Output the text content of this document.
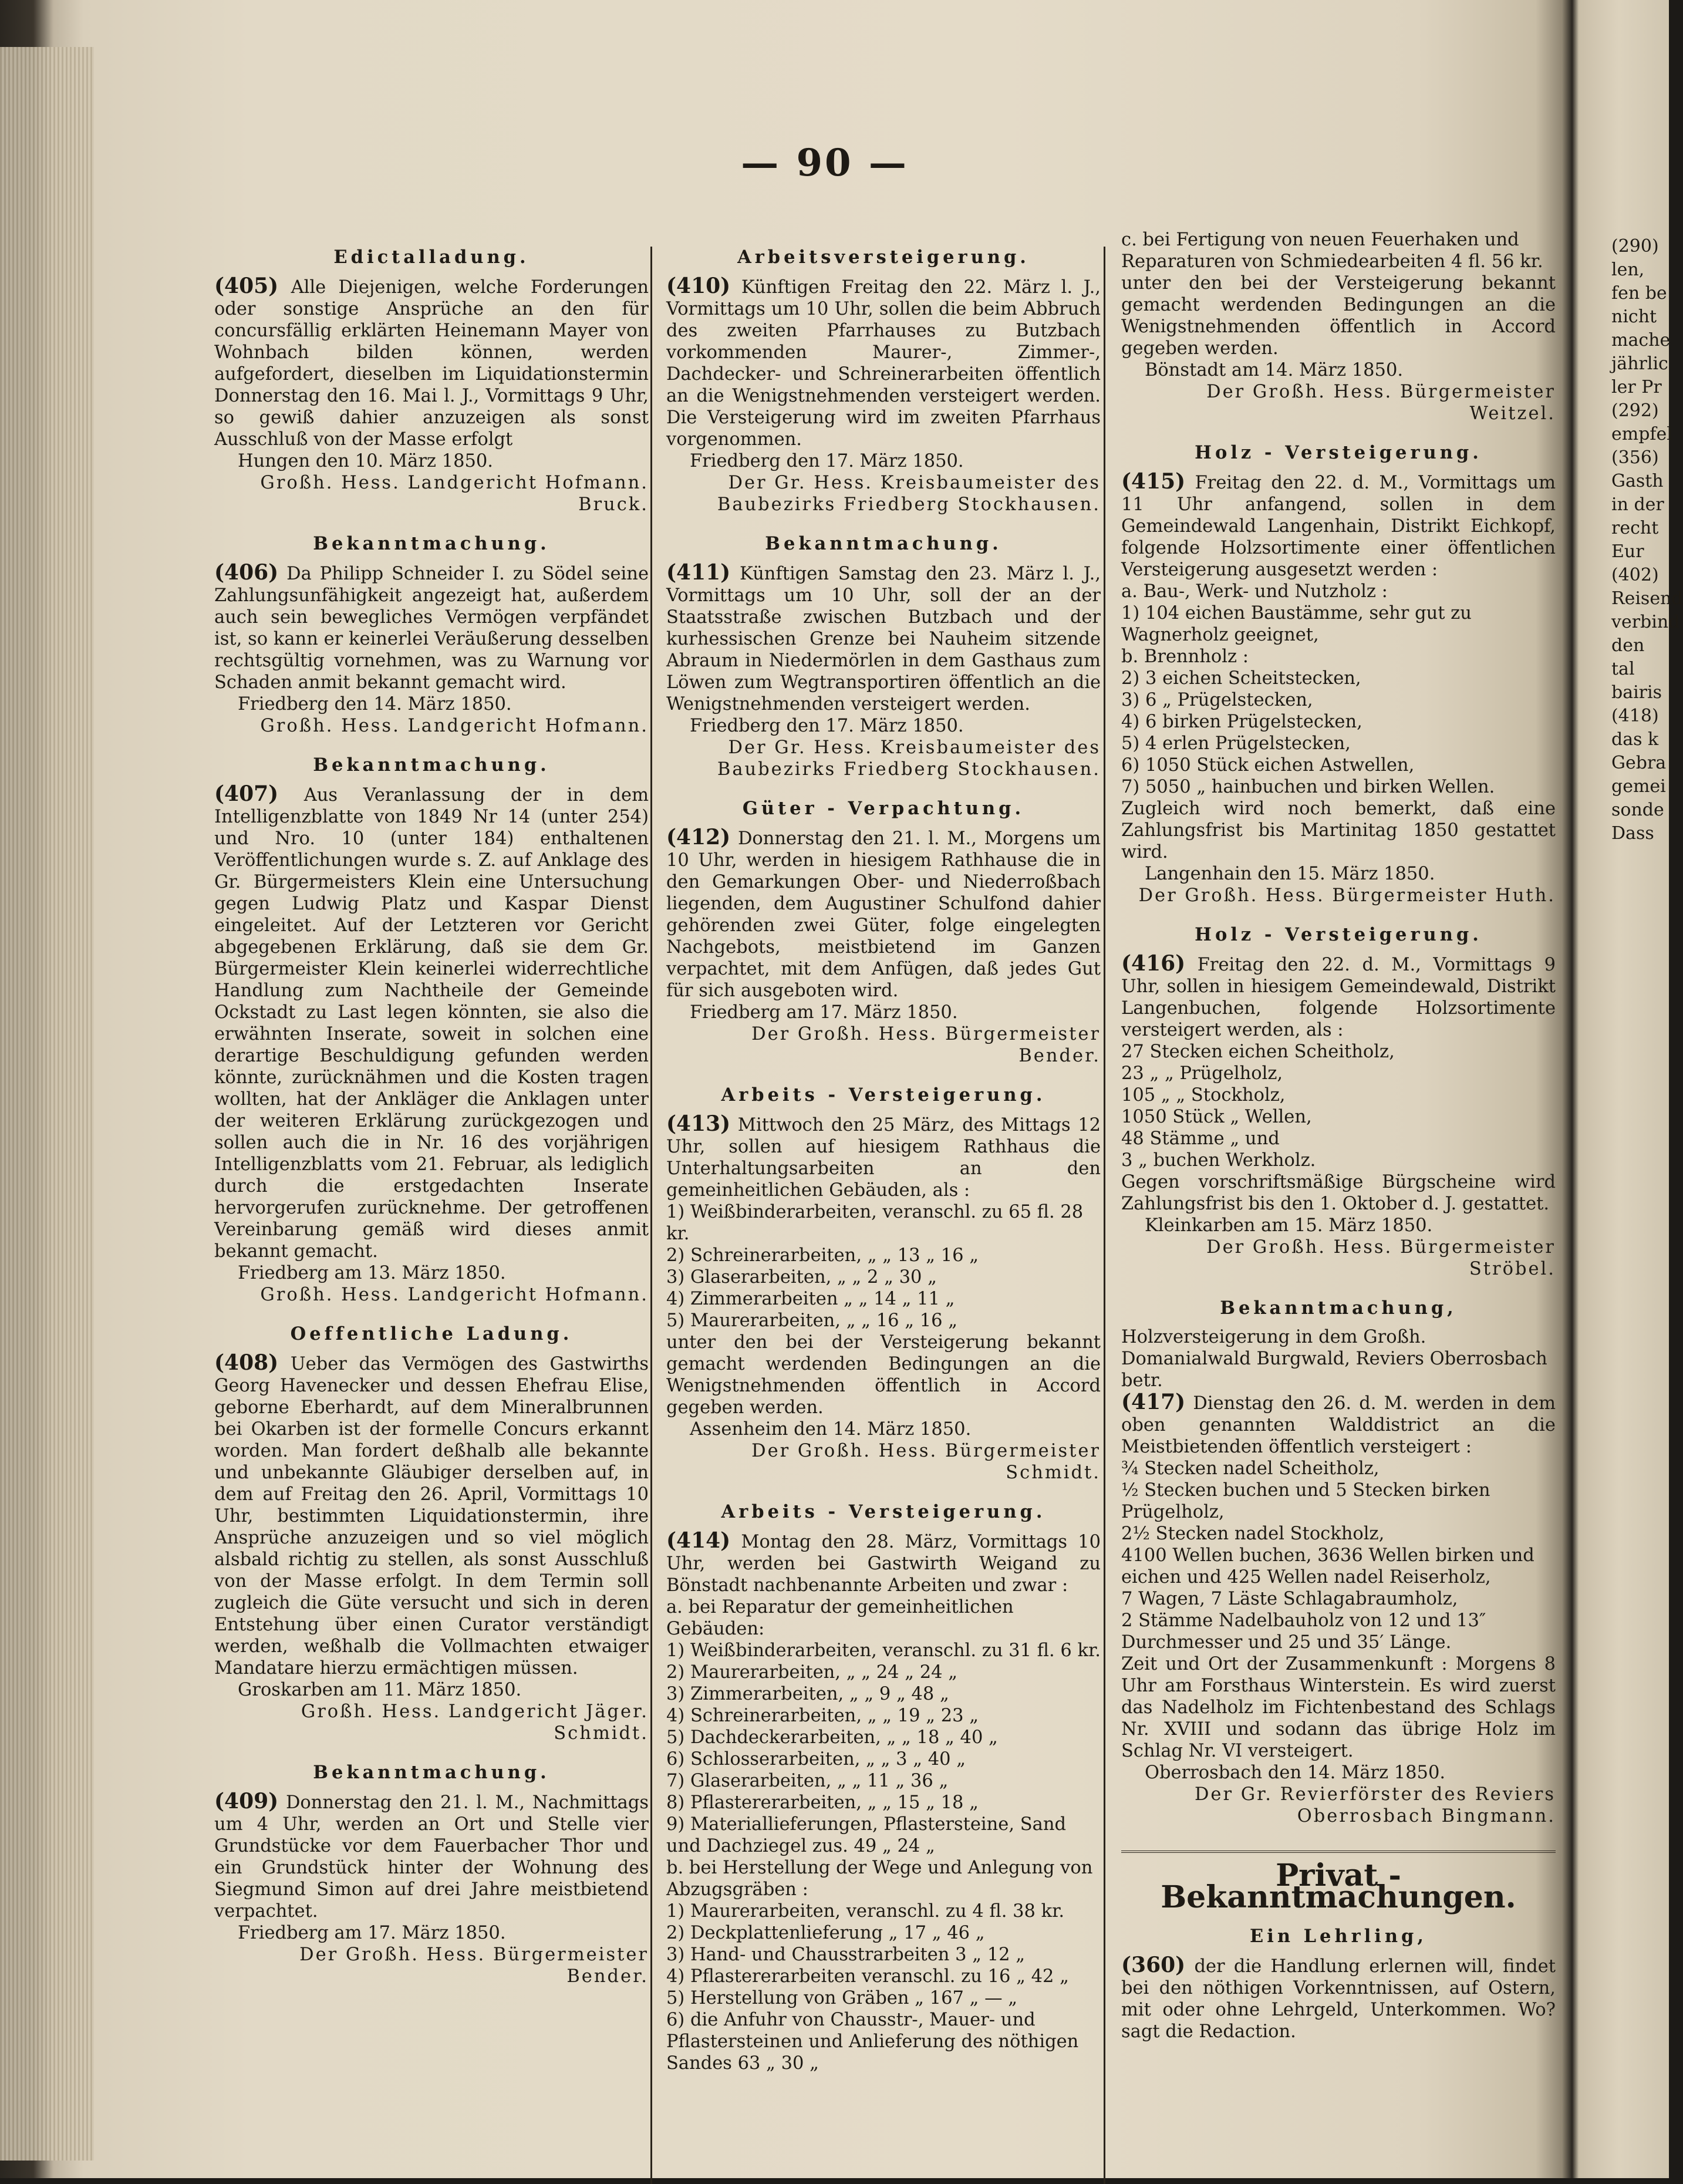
— 90 —
Edictalladung.

(405) Alle Diejenigen, welche Forderungen oder sonstige Ansprüche an den für concursfällig erklärten Heinemann Mayer von Wohnbach bilden können, werden aufgefordert, dieselben im Liquidationstermin Donnerstag den 16. Mai l. J., Vormittags 9 Uhr, so gewiß dahier anzuzeigen als sonst Ausschluß von der Masse erfolgt

Hungen den 10. März 1850.
Großh. Hess. Landgericht Hofmann. Bruck.
Bekanntmachung.

(406) Da Philipp Schneider I. zu Södel seine Zahlungsunfähigkeit angezeigt hat, außerdem auch sein bewegliches Vermögen verpfändet ist, so kann er keinerlei Veräußerung desselben rechtsgültig vornehmen, was zu Warnung vor Schaden anmit bekannt gemacht wird.

Friedberg den 14. März 1850.
Großh. Hess. Landgericht Hofmann.
Bekanntmachung.

(407) Aus Veranlassung der in dem Intelligenzblatte von 1849 Nr 14 (unter 254) und Nro. 10 (unter 184) enthaltenen Veröffentlichungen wurde s. Z. auf Anklage des Gr. Bürgermeisters Klein eine Untersuchung gegen Ludwig Platz und Kaspar Dienst eingeleitet. Auf der Letzteren vor Gericht abgegebenen Erklärung, daß sie dem Gr. Bürgermeister Klein keinerlei widerrechtliche Handlung zum Nachtheile der Gemeinde Ockstadt zu Last legen könnten, sie also die erwähnten Inserate, soweit in solchen eine derartige Beschuldigung gefunden werden könnte, zurücknähmen und die Kosten tragen wollten, hat der Ankläger die Anklagen unter der weiteren Erklärung zurückgezogen und sollen auch die in Nr. 16 des vorjährigen Intelligenzblatts vom 21. Februar, als lediglich durch die erstgedachten Inserate hervorgerufen zurücknehme. Der getroffenen Vereinbarung gemäß wird dieses anmit bekannt gemacht.

Friedberg am 13. März 1850.
Großh. Hess. Landgericht Hofmann.
Oeffentliche Ladung.

(408) Ueber das Vermögen des Gastwirths Georg Havenecker und dessen Ehefrau Elise, geborne Eberhardt, auf dem Mineralbrunnen bei Okarben ist der formelle Concurs erkannt worden. Man fordert deßhalb alle bekannte und unbekannte Gläubiger derselben auf, in dem auf Freitag den 26. April, Vormittags 10 Uhr, bestimmten Liquidationstermin, ihre Ansprüche anzuzeigen und so viel möglich alsbald richtig zu stellen, als sonst Ausschluß von der Masse erfolgt. In dem Termin soll zugleich die Güte versucht und sich in deren Entstehung über einen Curator verständigt werden, weßhalb die Vollmachten etwaiger Mandatare hierzu ermächtigen müssen.

Groskarben am 11. März 1850.
Großh. Hess. Landgericht Jäger. Schmidt.
Bekanntmachung.

(409) Donnerstag den 21. l. M., Nachmittags um 4 Uhr, werden an Ort und Stelle vier Grundstücke vor dem Fauerbacher Thor und ein Grundstück hinter der Wohnung des Siegmund Simon auf drei Jahre meistbietend verpachtet.

Friedberg am 17. März 1850.
Der Großh. Hess. Bürgermeister Bender.
Arbeitsversteigerung.

(410) Künftigen Freitag den 22. März l. J., Vormittags um 10 Uhr, sollen die beim Abbruch des zweiten Pfarrhauses zu Butzbach vorkommenden Maurer-, Zimmer-, Dachdecker- und Schreinerarbeiten öffentlich an die Wenigstnehmenden versteigert werden. Die Versteigerung wird im zweiten Pfarrhaus vorgenommen.

Friedberg den 17. März 1850.
Der Gr. Hess. Kreisbaumeister des Baubezirks Friedberg Stockhausen.
Bekanntmachung.

(411) Künftigen Samstag den 23. März l. J., Vormittags um 10 Uhr, soll der an der Staatsstraße zwischen Butzbach und der kurhessischen Grenze bei Nauheim sitzende Abraum in Niedermörlen in dem Gasthaus zum Löwen zum Wegtransportiren öffentlich an die Wenigstnehmenden versteigert werden.

Friedberg den 17. März 1850.
Der Gr. Hess. Kreisbaumeister des Baubezirks Friedberg Stockhausen.
Güter - Verpachtung.

(412) Donnerstag den 21. l. M., Morgens um 10 Uhr, werden in hiesigem Rathhause die in den Gemarkungen Ober- und Niederroßbach liegenden, dem Augustiner Schulfond dahier gehörenden zwei Güter, folge eingelegten Nachgebots, meistbietend im Ganzen verpachtet, mit dem Anfügen, daß jedes Gut für sich ausgeboten wird.

Friedberg am 17. März 1850.
Der Großh. Hess. Bürgermeister Bender.
Arbeits - Versteigerung.

(413) Mittwoch den 25 März, des Mittags 12 Uhr, sollen auf hiesigem Rathhaus die Unterhaltungsarbeiten an den gemeinheitlichen Gebäuden, als :

1) Weißbinderarbeiten, veranschl. zu 65 fl. 28 kr.
2) Schreinerarbeiten, „ „ 13 „ 16 „
3) Glaserarbeiten, „ „ 2 „ 30 „
4) Zimmerarbeiten „ „ 14 „ 11 „
5) Maurerarbeiten, „ „ 16 „ 16 „

unter den bei der Versteigerung bekannt gemacht werdenden Bedingungen an die Wenigstnehmenden öffentlich in Accord gegeben werden.

Assenheim den 14. März 1850.
Der Großh. Hess. Bürgermeister Schmidt.
Arbeits - Versteigerung.

(414) Montag den 28. März, Vormittags 10 Uhr, werden bei Gastwirth Weigand zu Bönstadt nachbenannte Arbeiten und zwar :

a. bei Reparatur der gemeinheitlichen Gebäuden:
1) Weißbinderarbeiten, veranschl. zu 31 fl. 6 kr.
2) Maurerarbeiten, „ „ 24 „ 24 „
3) Zimmerarbeiten, „ „ 9 „ 48 „
4) Schreinerarbeiten, „ „ 19 „ 23 „
5) Dachdeckerarbeiten, „ „ 18 „ 40 „
6) Schlosserarbeiten, „ „ 3 „ 40 „
7) Glaserarbeiten, „ „ 11 „ 36 „
8) Pflastererarbeiten, „ „ 15 „ 18 „
9) Materiallieferungen, Pflastersteine, Sand und Dachziegel zus. 49 „ 24 „
b. bei Herstellung der Wege und Anlegung von Abzugsgräben :
1) Maurerarbeiten, veranschl. zu 4 fl. 38 kr.
2) Deckplattenlieferung „ 17 „ 46 „
3) Hand- und Chausstrarbeiten 3 „ 12 „
4) Pflastererarbeiten veranschl. zu 16 „ 42 „
5) Herstellung von Gräben „ 167 „ — „
6) die Anfuhr von Chausstr-, Mauer- und Pflastersteinen und Anlieferung des nöthigen Sandes 63 „ 30 „
c. bei Fertigung von neuen Feuerhaken und Reparaturen von Schmiedearbeiten 4 fl. 56 kr.

unter den bei der Versteigerung bekannt gemacht werdenden Bedingungen an die Wenigstnehmenden öffentlich in Accord gegeben werden.

Bönstadt am 14. März 1850.
Der Großh. Hess. Bürgermeister Weitzel.
Holz - Versteigerung.

(415) Freitag den 22. d. M., Vormittags um 11 Uhr anfangend, sollen in dem Gemeindewald Langenhain, Distrikt Eichkopf, folgende Holzsortimente einer öffentlichen Versteigerung ausgesetzt werden :

a. Bau-, Werk- und Nutzholz :
1) 104 eichen Baustämme, sehr gut zu Wagnerholz geeignet,
b. Brennholz :
2) 3 eichen Scheitstecken,
3) 6 „ Prügelstecken,
4) 6 birken Prügelstecken,
5) 4 erlen Prügelstecken,
6) 1050 Stück eichen Astwellen,
7) 5050 „ hainbuchen und birken Wellen.

Zugleich wird noch bemerkt, daß eine Zahlungsfrist bis Martinitag 1850 gestattet wird.

Langenhain den 15. März 1850.
Der Großh. Hess. Bürgermeister Huth.
Holz - Versteigerung.

(416) Freitag den 22. d. M., Vormittags 9 Uhr, sollen in hiesigem Gemeindewald, Distrikt Langenbuchen, folgende Holzsortimente versteigert werden, als :

27 Stecken eichen Scheitholz,
23 „ „ Prügelholz,
105 „ „ Stockholz,
1050 Stück „ Wellen,
48 Stämme „ und
3 „ buchen Werkholz.

Gegen vorschriftsmäßige Bürgscheine wird Zahlungsfrist bis den 1. Oktober d. J. gestattet.

Kleinkarben am 15. März 1850.
Der Großh. Hess. Bürgermeister Ströbel.
Bekanntmachung,
Holzversteigerung in dem Großh. Domanialwald Burgwald, Reviers Oberrosbach betr.

(417) Dienstag den 26. d. M. werden in dem oben genannten Walddistrict an die Meistbietenden öffentlich versteigert :

¾ Stecken nadel Scheitholz,
½ Stecken buchen und 5 Stecken birken Prügelholz,
2½ Stecken nadel Stockholz,
4100 Wellen buchen, 3636 Wellen birken und eichen und 425 Wellen nadel Reiserholz,
7 Wagen, 7 Läste Schlagabraumholz,
2 Stämme Nadelbauholz von 12 und 13″ Durchmesser und 25 und 35′ Länge.

Zeit und Ort der Zusammenkunft : Morgens 8 Uhr am Forsthaus Winterstein. Es wird zuerst das Nadelholz im Fichtenbestand des Schlags Nr. XVIII und sodann das übrige Holz im Schlag Nr. VI versteigert.

Oberrosbach den 14. März 1850.
Der Gr. Revierförster des Reviers Oberrosbach Bingmann.
Privat - Bekanntmachungen.
Ein Lehrling,

(360) der die Handlung erlernen will, findet bei den nöthigen Vorkenntnissen, auf Ostern, mit oder ohne Lehrgeld, Unterkommen. Wo? sagt die Redaction.

(290)
len,
fen be
nicht
mache
jährlic
ler Pr
(292)
empfel
(356)
Gasth
in der
recht
Eur
(402)
Reisend
verbind
den
tal
bairis
(418)
das k
Gebra
gemei
sonde
Dass
